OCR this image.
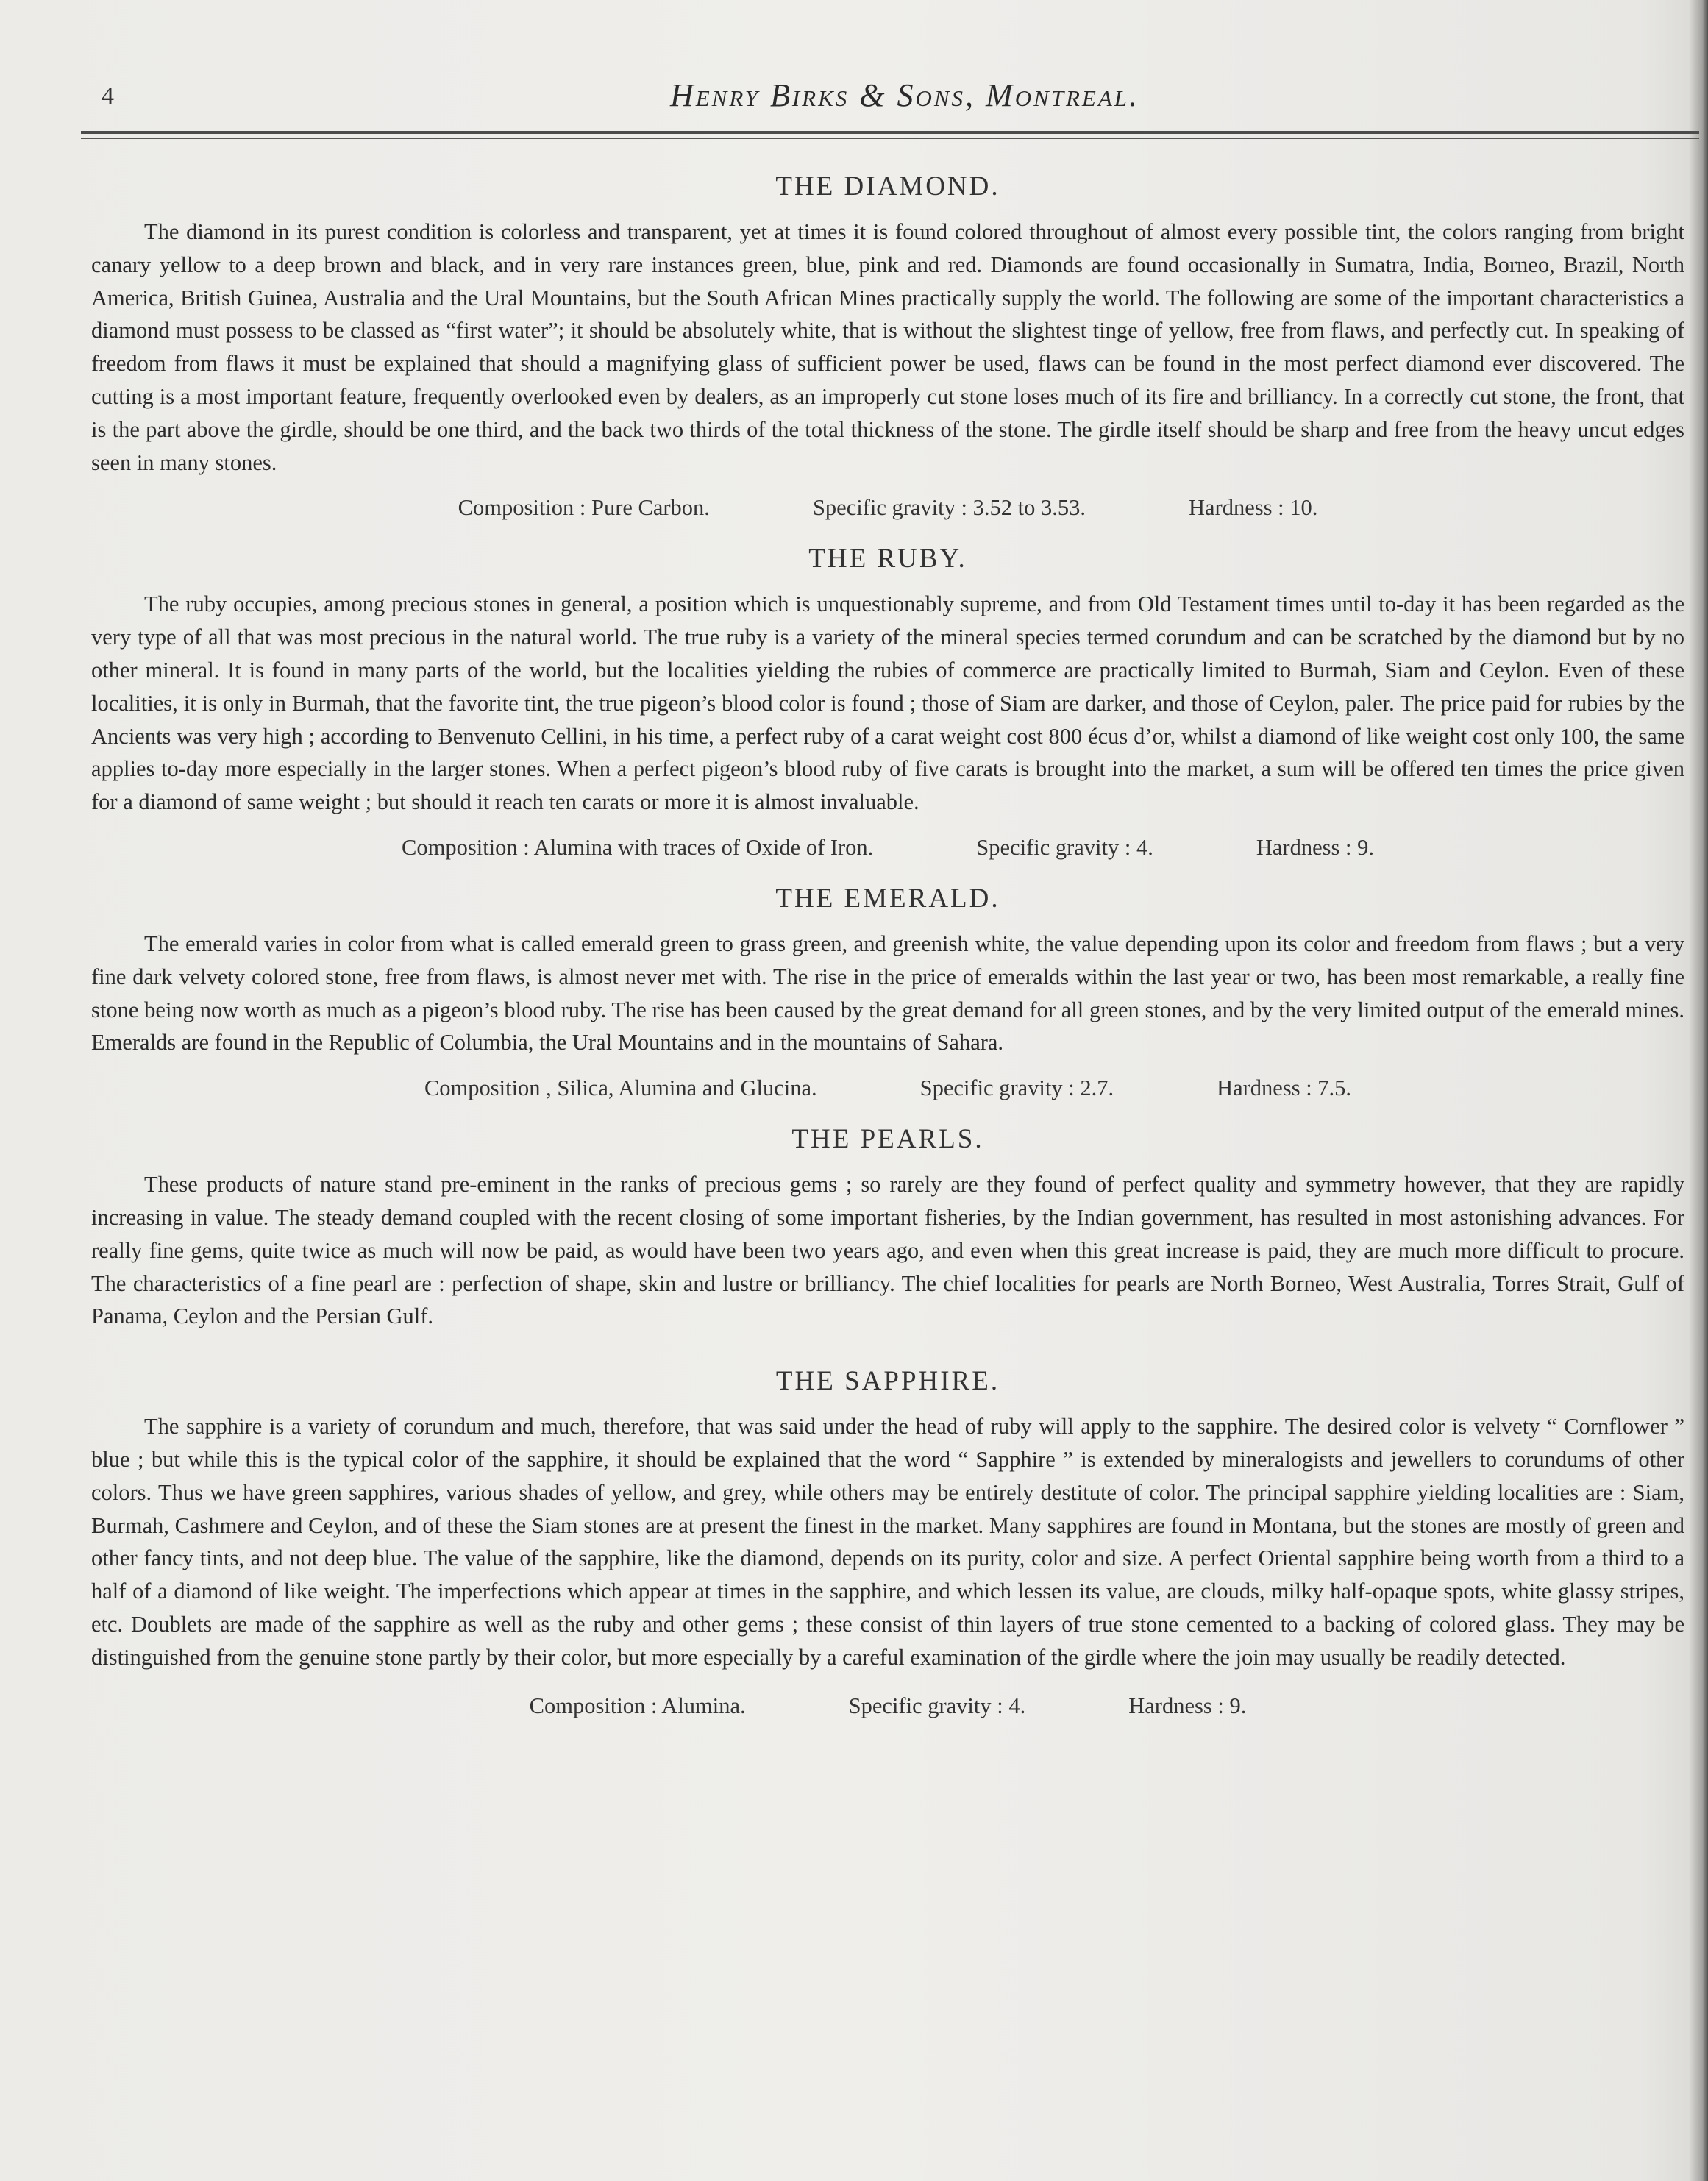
4	Henry Birks & Sons, Montreal.
THE DIAMOND.

The diamond in its purest condition is colorless and transparent, yet at times it is found colored throughout of almost every possible tint, the colors ranging from bright canary yellow to a deep brown and black, and in very rare instances green, blue, pink and red. Diamonds are found occasionally in Sumatra, India, Borneo, Brazil, North America, British Guinea, Australia and the Ural Mountains, but the South African Mines practically supply the world. The following are some of the important characteristics a diamond must possess to be classed as “first water”; it should be absolutely white, that is without the slightest tinge of yellow, free from flaws, and perfectly cut. In speaking of freedom from flaws it must be explained that should a magnifying glass of sufficient power be used, flaws can be found in the most perfect diamond ever discovered. The cutting is a most important feature, frequently overlooked even by dealers, as an improperly cut stone loses much of its fire and brilliancy. In a correctly cut stone, the front, that is the part above the girdle, should be one third, and the back two thirds of the total thickness of the stone. The girdle itself should be sharp and free from the heavy uncut edges seen in many stones.

Composition : Pure Carbon.	Specific gravity : 3.52 to 3.53.	Hardness : 10.
THE RUBY.

The ruby occupies, among precious stones in general, a position which is unquestionably supreme, and from Old Testament times until to-day it has been regarded as the very type of all that was most precious in the natural world. The true ruby is a variety of the mineral species termed corundum and can be scratched by the diamond but by no other mineral. It is found in many parts of the world, but the localities yielding the rubies of commerce are practically limited to Burmah, Siam and Ceylon. Even of these localities, it is only in Burmah, that the favorite tint, the true pigeon’s blood color is found ; those of Siam are darker, and those of Ceylon, paler. The price paid for rubies by the Ancients was very high ; according to Benvenuto Cellini, in his time, a perfect ruby of a carat weight cost 800 écus d’or, whilst a diamond of like weight cost only 100, the same applies to-day more especially in the larger stones. When a perfect pigeon’s blood ruby of five carats is brought into the market, a sum will be offered ten times the price given for a diamond of same weight ; but should it reach ten carats or more it is almost invaluable.

Composition : Alumina with traces of Oxide of Iron.	Specific gravity : 4.	Hardness : 9.
THE EMERALD.

The emerald varies in color from what is called emerald green to grass green, and greenish white, the value depending upon its color and freedom from flaws ; but a very fine dark velvety colored stone, free from flaws, is almost never met with. The rise in the price of emeralds within the last year or two, has been most remarkable, a really fine stone being now worth as much as a pigeon’s blood ruby. The rise has been caused by the great demand for all green stones, and by the very limited output of the emerald mines. Emeralds are found in the Republic of Columbia, the Ural Mountains and in the mountains of Sahara.

Composition , Silica, Alumina and Glucina.	Specific gravity : 2.7.	Hardness : 7.5.
THE PEARLS.

These products of nature stand pre-eminent in the ranks of precious gems ; so rarely are they found of perfect quality and symmetry however, that they are rapidly increasing in value. The steady demand coupled with the recent closing of some important fisheries, by the Indian government, has resulted in most astonishing advances. For really fine gems, quite twice as much will now be paid, as would have been two years ago, and even when this great increase is paid, they are much more difficult to procure. The characteristics of a fine pearl are : perfection of shape, skin and lustre or brilliancy. The chief localities for pearls are North Borneo, West Australia, Torres Strait, Gulf of Panama, Ceylon and the Persian Gulf.

THE SAPPHIRE.

The sapphire is a variety of corundum and much, therefore, that was said under the head of ruby will apply to the sapphire. The desired color is velvety “ Cornflower ” blue ; but while this is the typical color of the sapphire, it should be explained that the word “ Sapphire ” is extended by mineralogists and jewellers to corundums of other colors. Thus we have green sapphires, various shades of yellow, and grey, while others may be entirely destitute of color. The principal sapphire yielding localities are : Siam, Burmah, Cashmere and Ceylon, and of these the Siam stones are at present the finest in the market. Many sapphires are found in Montana, but the stones are mostly of green and other fancy tints, and not deep blue. The value of the sapphire, like the diamond, depends on its purity, color and size. A perfect Oriental sapphire being worth from a third to a half of a diamond of like weight. The imperfections which appear at times in the sapphire, and which lessen its value, are clouds, milky half-opaque spots, white glassy stripes, etc. Doublets are made of the sapphire as well as the ruby and other gems ; these consist of thin layers of true stone cemented to a backing of colored glass. They may be distinguished from the genuine stone partly by their color, but more especially by a careful examination of the girdle where the join may usually be readily detected.

Composition : Alumina.	Specific gravity : 4.	Hardness : 9.
